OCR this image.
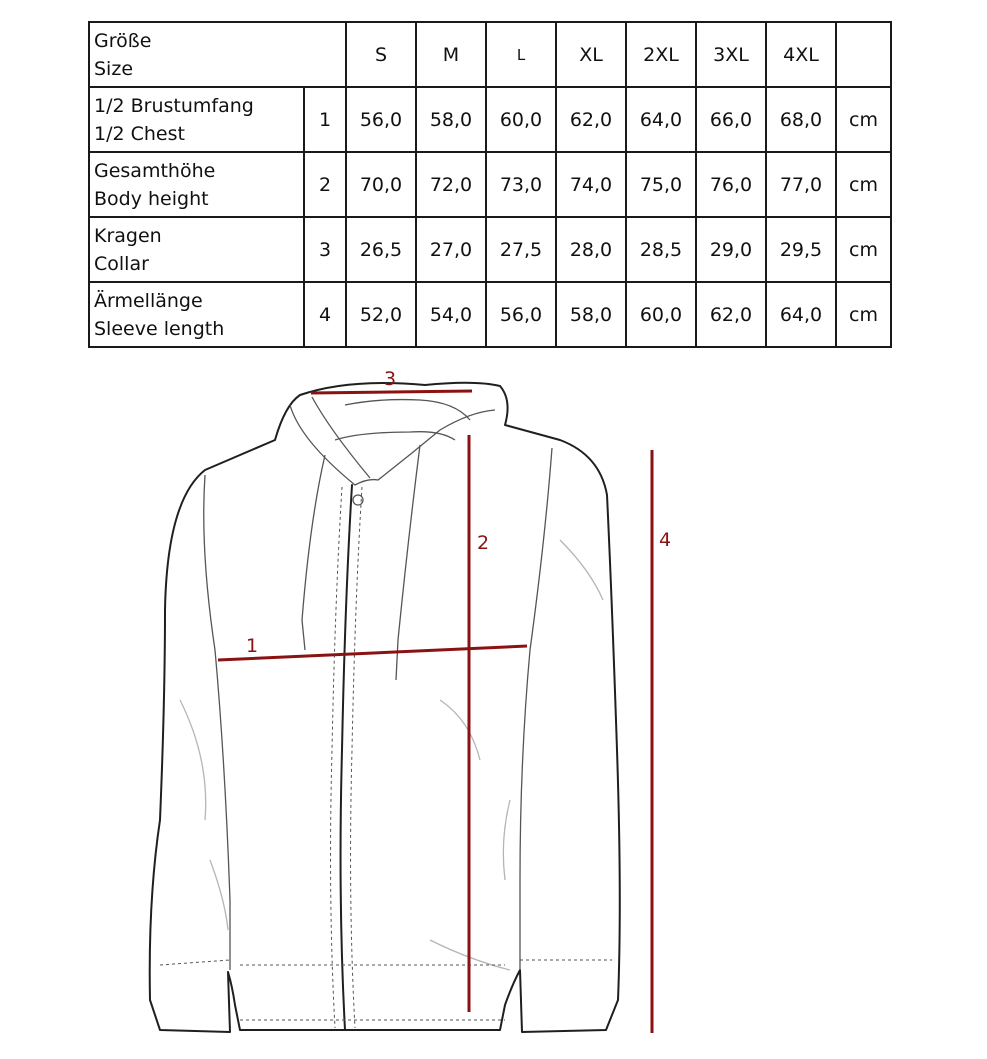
Größe
Size		S	M	L	XL	2XL	3XL	4XL	

1/2 Brustumfang
1/2 Chest	1	56,0	58,0	60,0	62,0	64,0	66,0	68,0	cm

Gesamthöhe
Body height	2	70,0	72,0	73,0	74,0	75,0	76,0	77,0	cm

Kragen
Collar	3	26,5	27,0	27,5	28,0	28,5	29,0	29,5	cm

Ärmellänge
Sleeve length	4	52,0	54,0	56,0	58,0	60,0	62,0	64,0	cm
1
2
3
4
